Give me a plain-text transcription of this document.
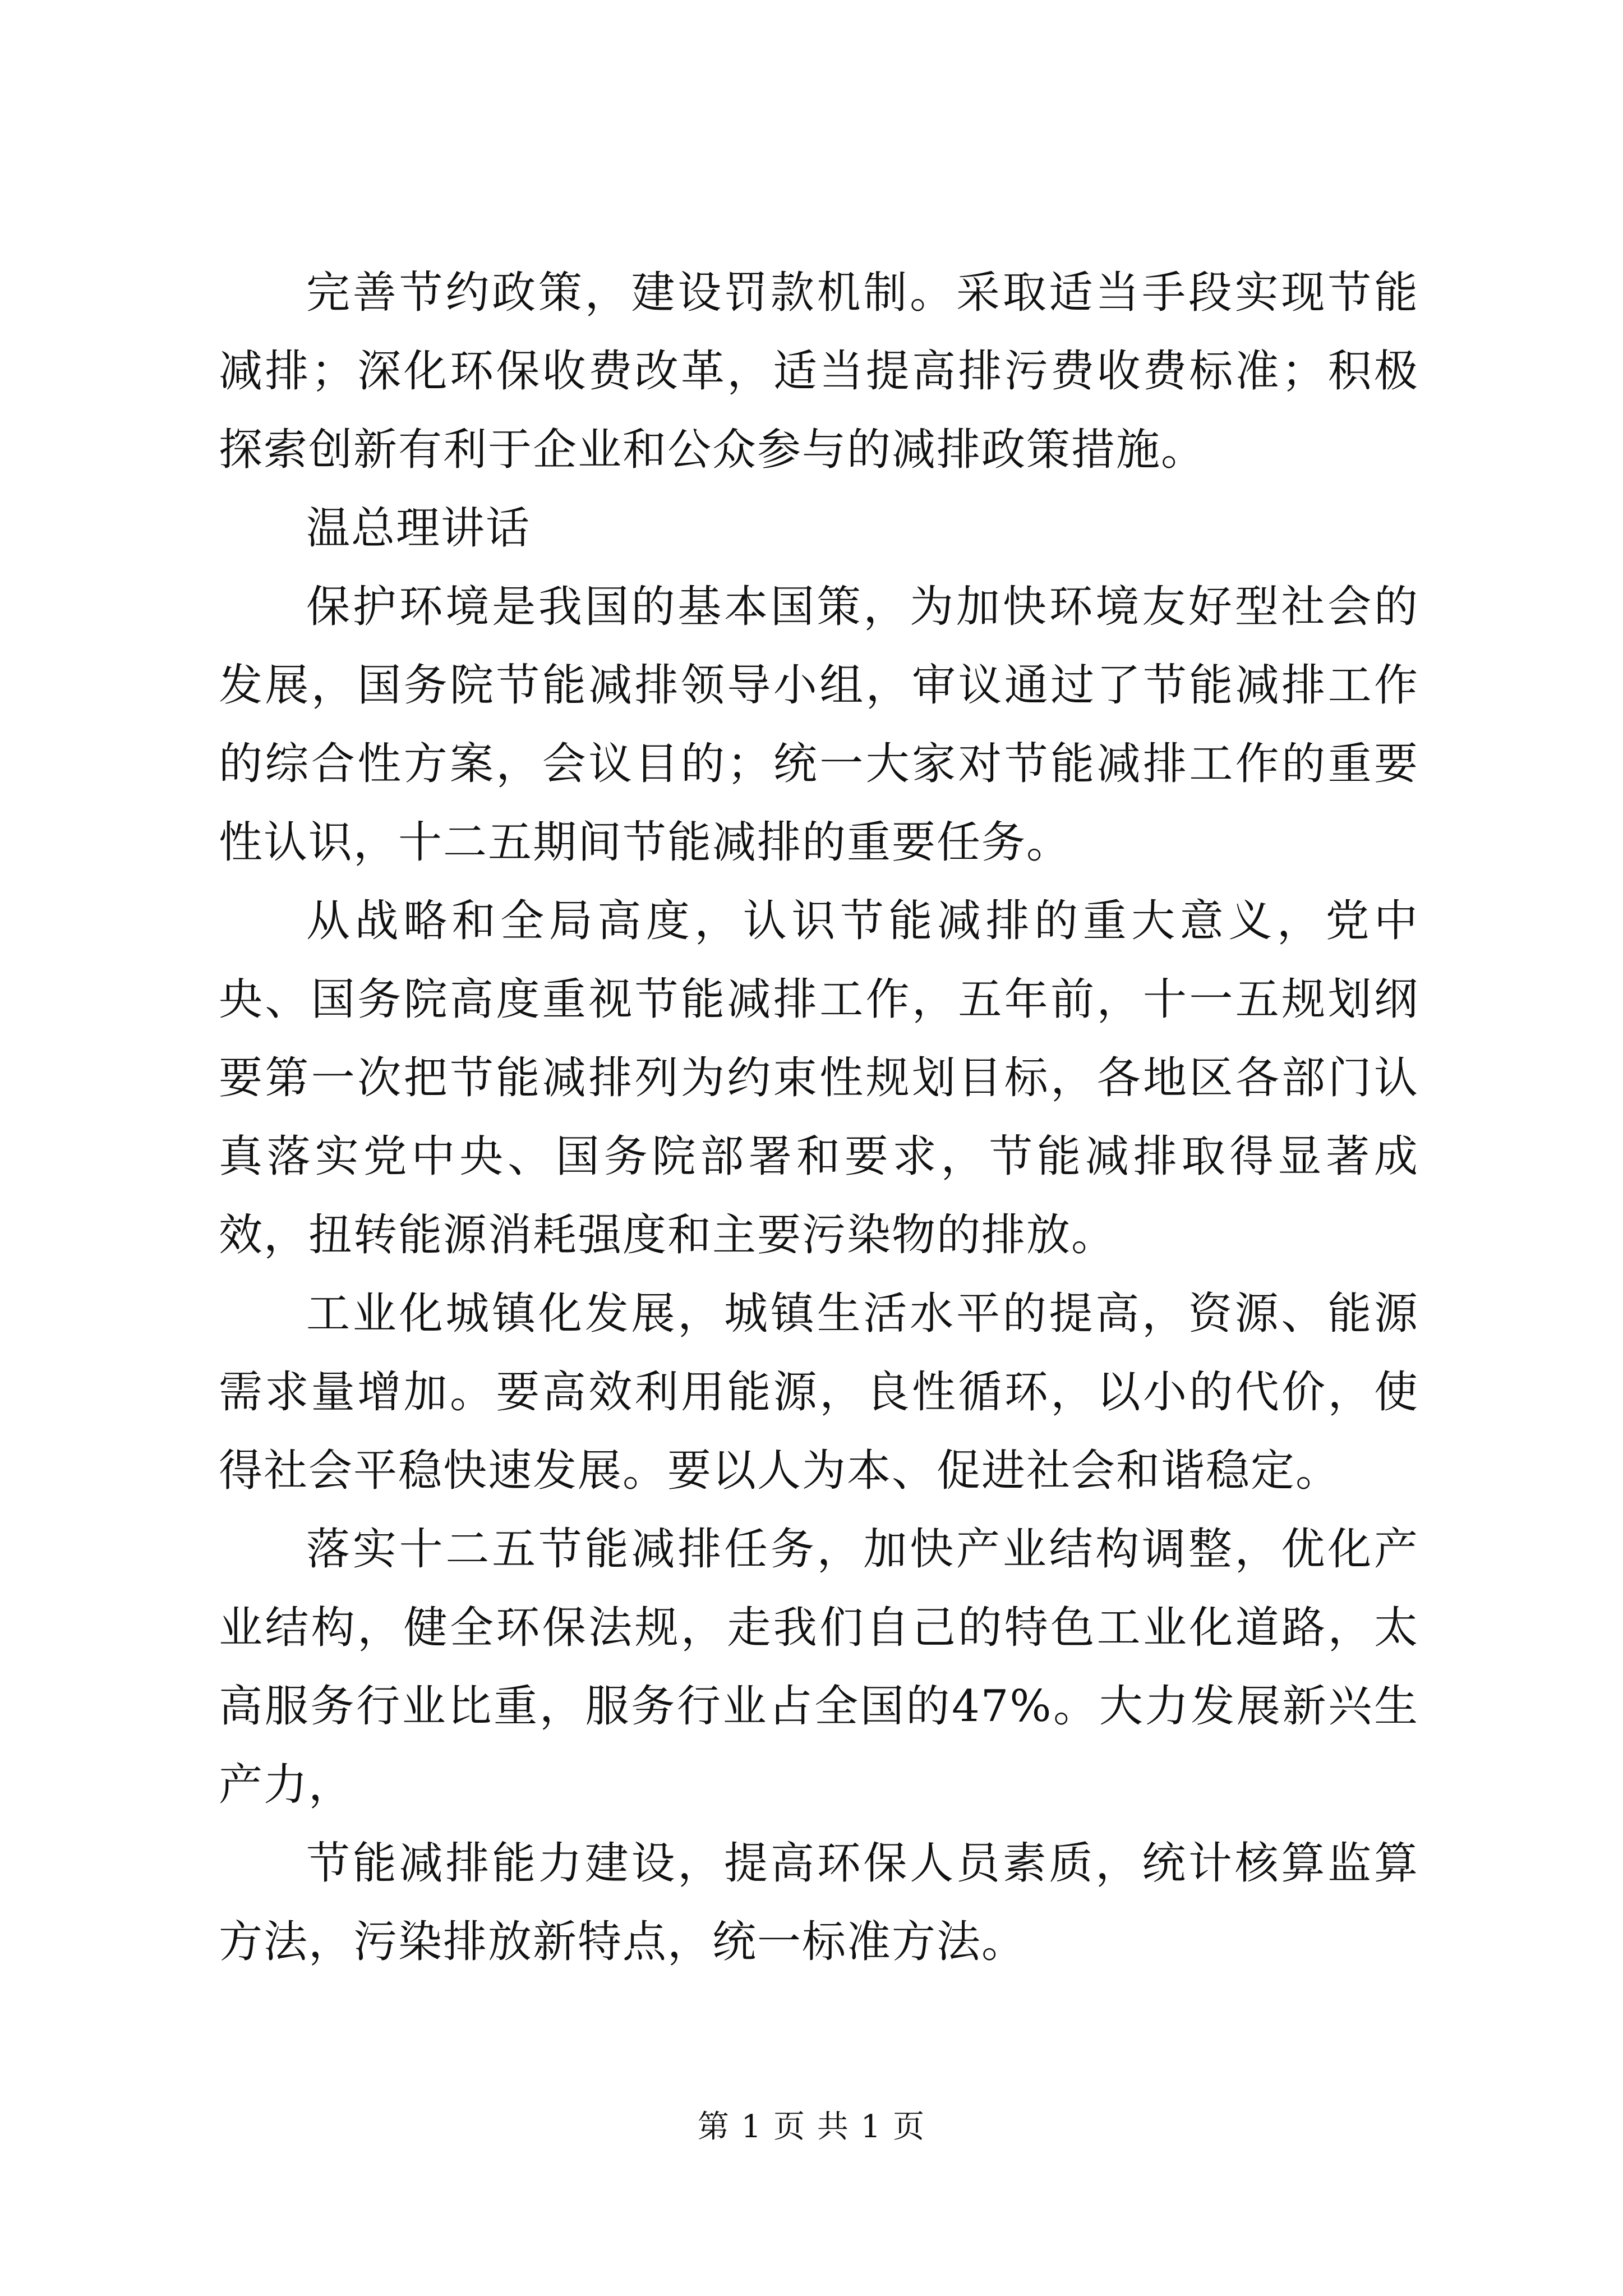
完善节约政策，建设罚款机制。采取适当手段实现节能减排；深化环保收费改革，适当提高排污费收费标准；积极探索创新有利于企业和公众参与的减排政策措施。

温总理讲话

保护环境是我国的基本国策，为加快环境友好型社会的发展，国务院节能减排领导小组，审议通过了节能减排工作的综合性方案，会议目的；统一大家对节能减排工作的重要性认识，十二五期间节能减排的重要任务。

从战略和全局高度，认识节能减排的重大意义，党中央、国务院高度重视节能减排工作，五年前，十一五规划纲要第一次把节能减排列为约束性规划目标，各地区各部门认真落实党中央、国务院部署和要求，节能减排取得显著成效，扭转能源消耗强度和主要污染物的排放。

工业化城镇化发展，城镇生活水平的提高，资源、能源需求量增加。要高效利用能源，良性循环，以小的代价，使得社会平稳快速发展。要以人为本、促进社会和谐稳定。

落实十二五节能减排任务，加快产业结构调整，优化产业结构，健全环保法规，走我们自己的特色工业化道路，太高服务行业比重，服务行业占全国的47%。大力发展新兴生产力，

节能减排能力建设，提高环保人员素质，统计核算监算方法，污染排放新特点，统一标准方法。

第 1 页 共 1 页
